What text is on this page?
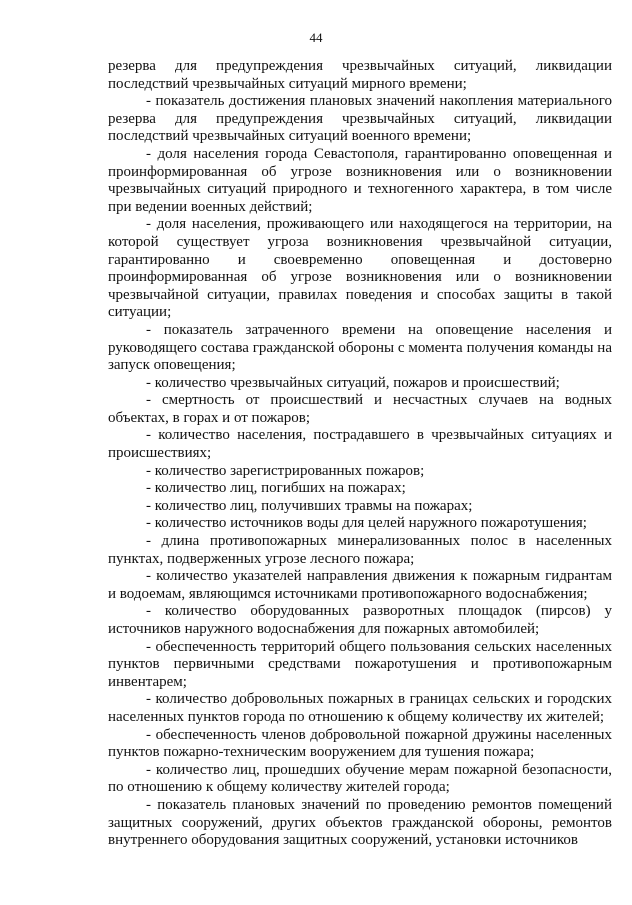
44

резерва для предупреждения чрезвычайных ситуаций, ликвидации последствий чрезвычайных ситуаций мирного времени;

- показатель достижения плановых значений накопления материального резерва для предупреждения чрезвычайных ситуаций, ликвидации последствий чрезвычайных ситуаций военного времени;

- доля населения города Севастополя, гарантированно оповещенная и проинформированная об угрозе возникновения или о возникновении чрезвычайных ситуаций природного и техногенного характера, в том числе при ведении военных действий;

- доля населения, проживающего или находящегося на территории, на которой существует угроза возникновения чрезвычайной ситуации, гарантированно и своевременно оповещенная и достоверно проинформированная об угрозе возникновения или о возникновении чрезвычайной ситуации, правилах поведения и способах защиты в такой ситуации;

- показатель затраченного времени на оповещение населения и руководящего состава гражданской обороны с момента получения команды на запуск оповещения;

- количество чрезвычайных ситуаций, пожаров и происшествий;

- смертность от происшествий и несчастных случаев на водных объектах, в горах и от пожаров;

- количество населения, пострадавшего в чрезвычайных ситуациях и происшествиях;

- количество зарегистрированных пожаров;

- количество лиц, погибших на пожарах;

- количество лиц, получивших травмы на пожарах;

- количество источников воды для целей наружного пожаротушения;

- длина противопожарных минерализованных полос в населенных пунктах, подверженных угрозе лесного пожара;

- количество указателей направления движения к пожарным гидрантам и водоемам, являющимся источниками противопожарного водоснабжения;

- количество оборудованных разворотных площадок (пирсов) у источников наружного водоснабжения для пожарных автомобилей;

- обеспеченность территорий общего пользования сельских населенных пунктов первичными средствами пожаротушения и противопожарным инвентарем;

- количество добровольных пожарных в границах сельских и городских населенных пунктов города по отношению к общему количеству их жителей;

- обеспеченность членов добровольной пожарной дружины населенных пунктов пожарно-техническим вооружением для тушения пожара;

- количество лиц, прошедших обучение мерам пожарной безопасности, по отношению к общему количеству жителей города;

- показатель плановых значений по проведению ремонтов помещений защитных сооружений, других объектов гражданской обороны, ремонтов внутреннего оборудования защитных сооружений, установки источников
